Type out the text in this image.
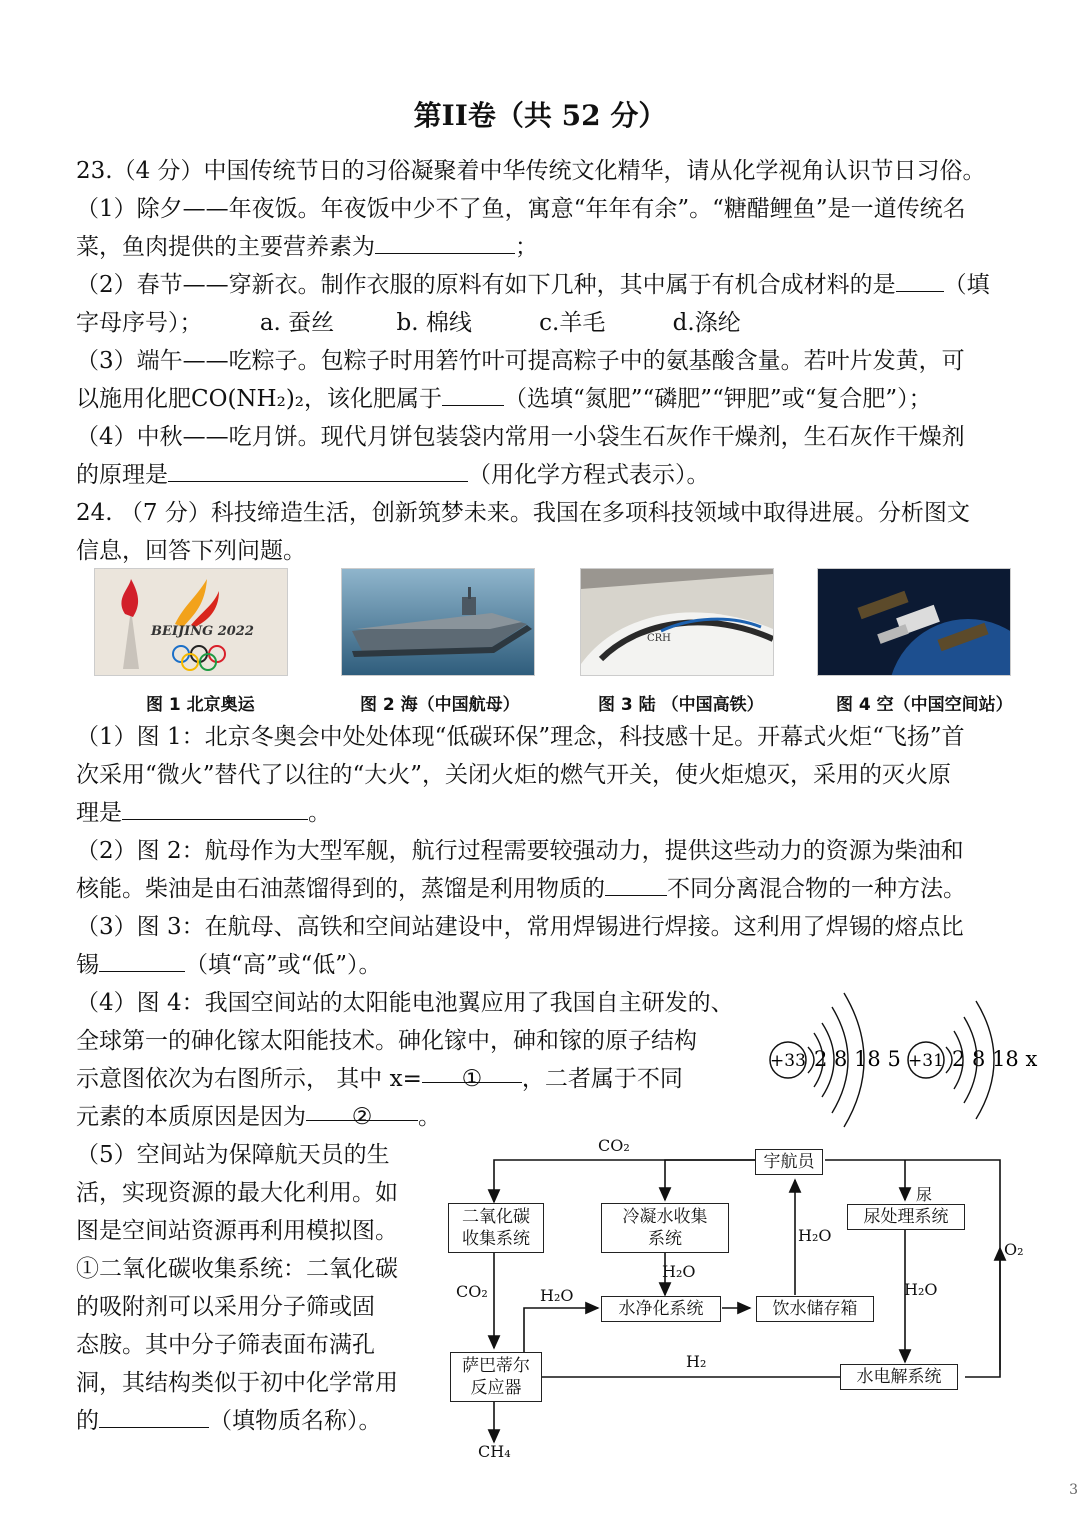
第II卷（共 52 分）
23.（4 分）中国传统节日的习俗凝聚着中华传统文化精华，请从化学视角认识节日习俗。
（1）除夕——年夜饭。年夜饭中少不了鱼，寓意“年年有余”。“糖醋鲤鱼”是一道传统名
菜，鱼肉提供的主要营养素为	；
（2）春节——穿新衣。制作衣服的原料有如下几种，其中属于有机合成材料的是 （填
字母序号）； a. 蚕丝	b. 棉线	c.羊毛	d.涤纶
（3）端午——吃粽子。包粽子时用箬竹叶可提高粽子中的氨基酸含量。若叶片发黄，可
以施用化肥CO(NH₂)₂，该化肥属于	（选填“氮肥”“磷肥”“钾肥”或“复合肥”）；
（4）中秋——吃月饼。现代月饼包装袋内常用一小袋生石灰作干燥剂，生石灰作干燥剂
的原理是	（用化学方程式表示）。
24. （7 分）科技缔造生活，创新筑梦未来。我国在多项科技领域中取得进展。分析图文
信息，回答下列问题。
BEIJING 2022	CRH
图 1 北京奥运	图 2 海（中国航母）	图 3 陆 （中国高铁）	图 4 空（中国空间站）
（1）图 1：北京冬奥会中处处体现“低碳环保”理念，科技感十足。开幕式火炬“飞扬”首
次采用“微火”替代了以往的“大火”，关闭火炬的燃气开关，使火炬熄灭，采用的灭火原
理是	。
（2）图 2：航母作为大型军舰，航行过程需要较强动力，提供这些动力的资源为柴油和
核能。柴油是由石油蒸馏得到的，蒸馏是利用物质的	不同分离混合物的一种方法。
（3）图 3：在航母、高铁和空间站建设中，常用焊锡进行焊接。这利用了焊锡的熔点比
锡	（填“高”或“低”）。
（4）图 4：我国空间站的太阳能电池翼应用了我国自主研发的、
全球第一的砷化镓太阳能技术。砷化镓中，砷和镓的原子结构
示意图依次为右图所示， 其中 x= ① ，二者属于不同
元素的本质原因是因为 ② 。
+33 2 8 18 5 +31 2 8 18 x
（5）空间站为保障航天员的生
活，实现资源的最大化利用。如
图是空间站资源再利用模拟图。
①二氧化碳收集系统：二氧化碳
的吸附剂可以采用分子筛或固
态胺。其中分子筛表面布满孔
洞，其结构类似于初中化学常用
的	（填物质名称）。
宇航员
二氧化碳
收集系统
冷凝水收集
系统
尿处理系统
水净化系统	饮水储存箱
萨巴蒂尔
反应器
水电解系统
CO₂
尿
H₂O
H₂O
CO₂	H₂O	H₂O
H₂
O₂
CH₄
3
